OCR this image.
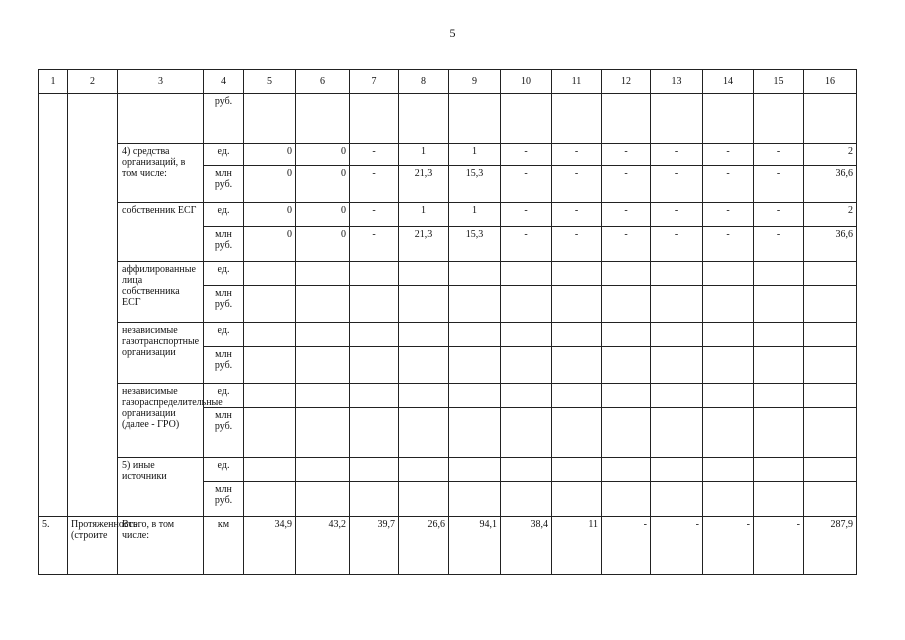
5
1	2	3	4	5	6	7	8	9	10	11	12	13	14	15	16
			руб.												
		4) средства организаций, в том числе:	ед.	0	0	-	1	1	-	-	-	-	-	-	2
			млн руб.	0	0	-	21,3	15,3	-	-	-	-	-	-	36,6
		собственник ЕСГ	ед.	0	0	-	1	1	-	-	-	-	-	-	2
			млн руб.	0	0	-	21,3	15,3	-	-	-	-	-	-	36,6
		аффилированные лица собственника ЕСГ	ед.												
			млн руб.												
		независимые газотранспортные организации	ед.												
			млн руб.												
		независимые газораспределительные организации (далее - ГРО)	ед.												
			млн руб.												
		5) иные источники	ед.												
			млн руб.												
5.	Протяженность (строите	Всего, в том числе:	км	34,9	43,2	39,7	26,6	94,1	38,4	11	-	-	-	-	287,9
